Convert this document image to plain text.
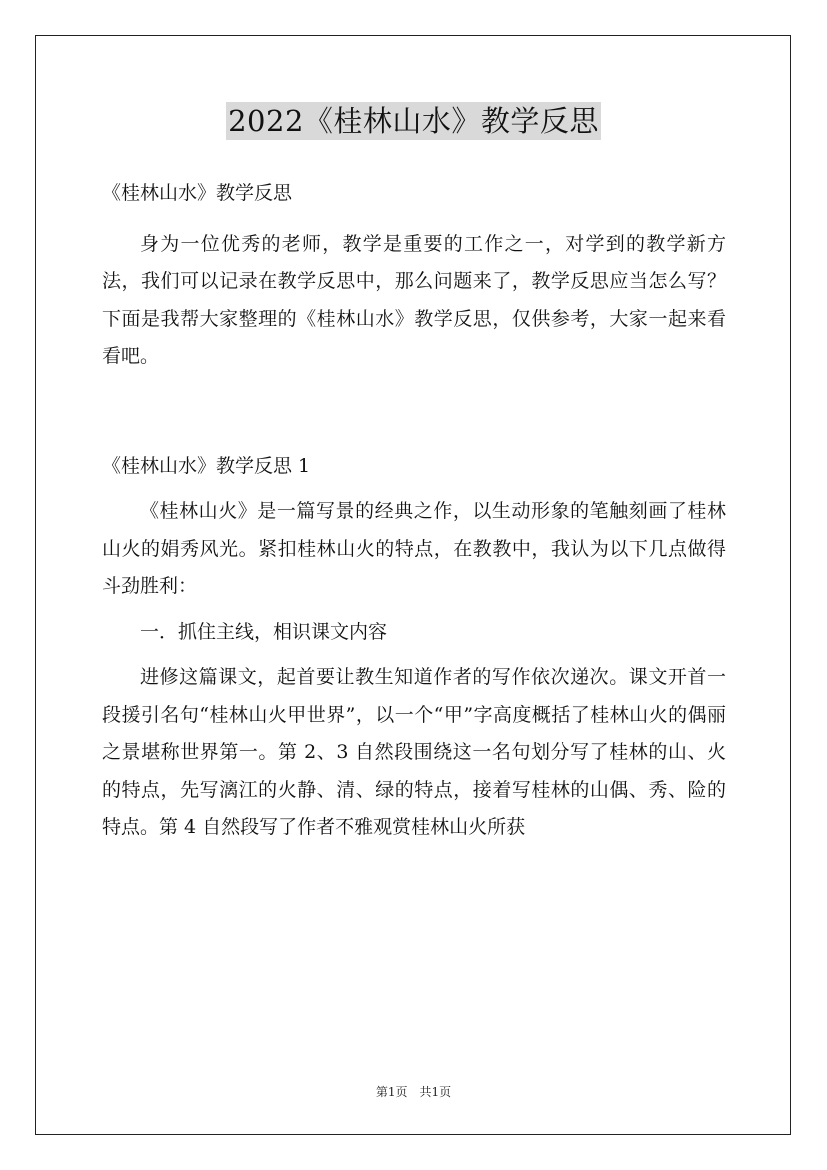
2022《桂林山水》教学反思

《桂林山水》教学反思

身为一位优秀的老师，教学是重要的工作之一，对学到的教学新方法，我们可以记录在教学反思中，那么问题来了，教学反思应当怎么写？下面是我帮大家整理的《桂林山水》教学反思，仅供参考，大家一起来看看吧。

《桂林山水》教学反思 1

《桂林山火》是一篇写景的经典之作，以生动形象的笔触刻画了桂林山火的娟秀风光。紧扣桂林山火的特点，在教教中，我认为以下几点做得斗劲胜利：

一．抓住主线，相识课文内容

进修这篇课文，起首要让教生知道作者的写作依次递次。课文开首一段援引名句“桂林山火甲世界”，以一个“甲”字高度概括了桂林山火的偶丽之景堪称世界第一。第 2、3 自然段围绕这一名句划分写了桂林的山、火的特点，先写漓江的火静、清、绿的特点，接着写桂林的山偶、秀、险的特点。第 4 自然段写了作者不雅观赏桂林山火所获

第1页　共1页
